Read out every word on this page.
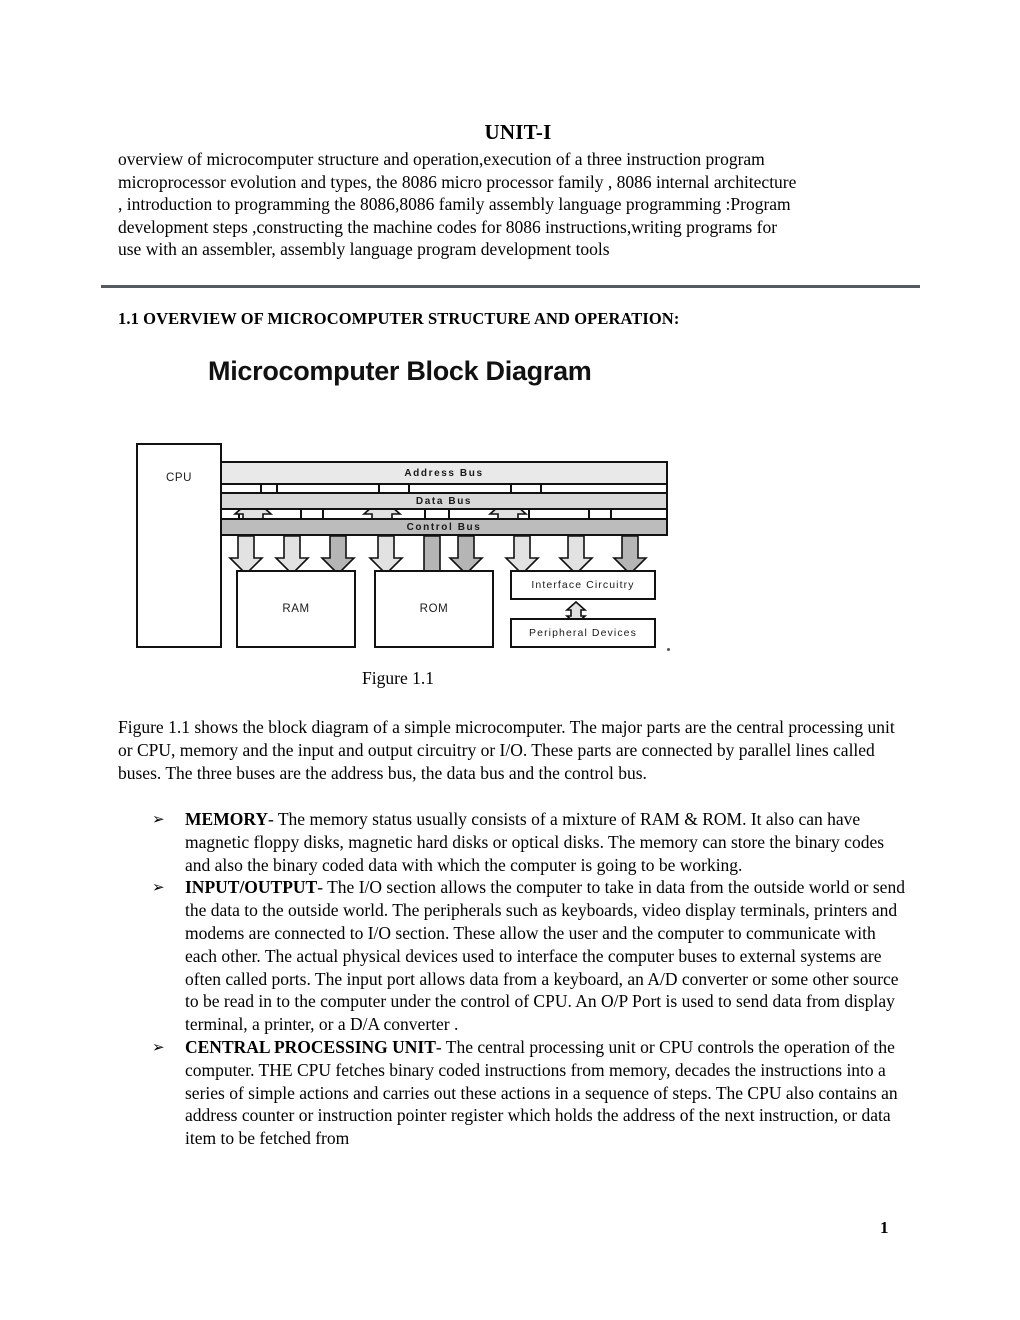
UNIT-I

overview of microcomputer structure and operation,execution of a three instruction program

microprocessor evolution and types, the 8086 micro processor family , 8086 internal architecture

, introduction to programming the 8086,8086 family assembly language programming :Program

development steps ,constructing the machine codes for 8086 instructions,writing programs for

use with an assembler, assembly language program development tools

1.1 OVERVIEW OF MICROCOMPUTER STRUCTURE AND OPERATION:
Microcomputer Block Diagram
Address Bus
Data Bus
Control Bus
CPU
RAM	ROM
Interface Circuitry
Peripheral Devices
Figure 1.1

Figure 1.1 shows the block diagram of a simple microcomputer. The major parts are the central processing unit or CPU, memory and the input and output circuitry or I/O. These parts are connected by parallel lines called buses. The three buses are the address bus, the data bus and the control bus.

➢ MEMORY- The memory status usually consists of a mixture of RAM & ROM. It also can have magnetic floppy disks, magnetic hard disks or optical disks. The memory can store the binary codes and also the binary coded data with which the computer is going to be working.
➢ INPUT/OUTPUT- The I/O section allows the computer to take in data from the outside world or send the data to the outside world. The peripherals such as keyboards, video display terminals, printers and modems are connected to I/O section. These allow the user and the computer to communicate with each other. The actual physical devices used to interface the computer buses to external systems are often called ports. The input port allows data from a keyboard, an A/D converter or some other source to be read in to the computer under the control of CPU. An O/P Port is used to send data from display terminal, a printer, or a D/A converter .
➢ CENTRAL PROCESSING UNIT- The central processing unit or CPU controls the operation of the computer. THE CPU fetches binary coded instructions from memory, decades the instructions into a series of simple actions and carries out these actions in a sequence of steps. The CPU also contains an address counter or instruction pointer register which holds the address of the next instruction, or data item to be fetched from
1
